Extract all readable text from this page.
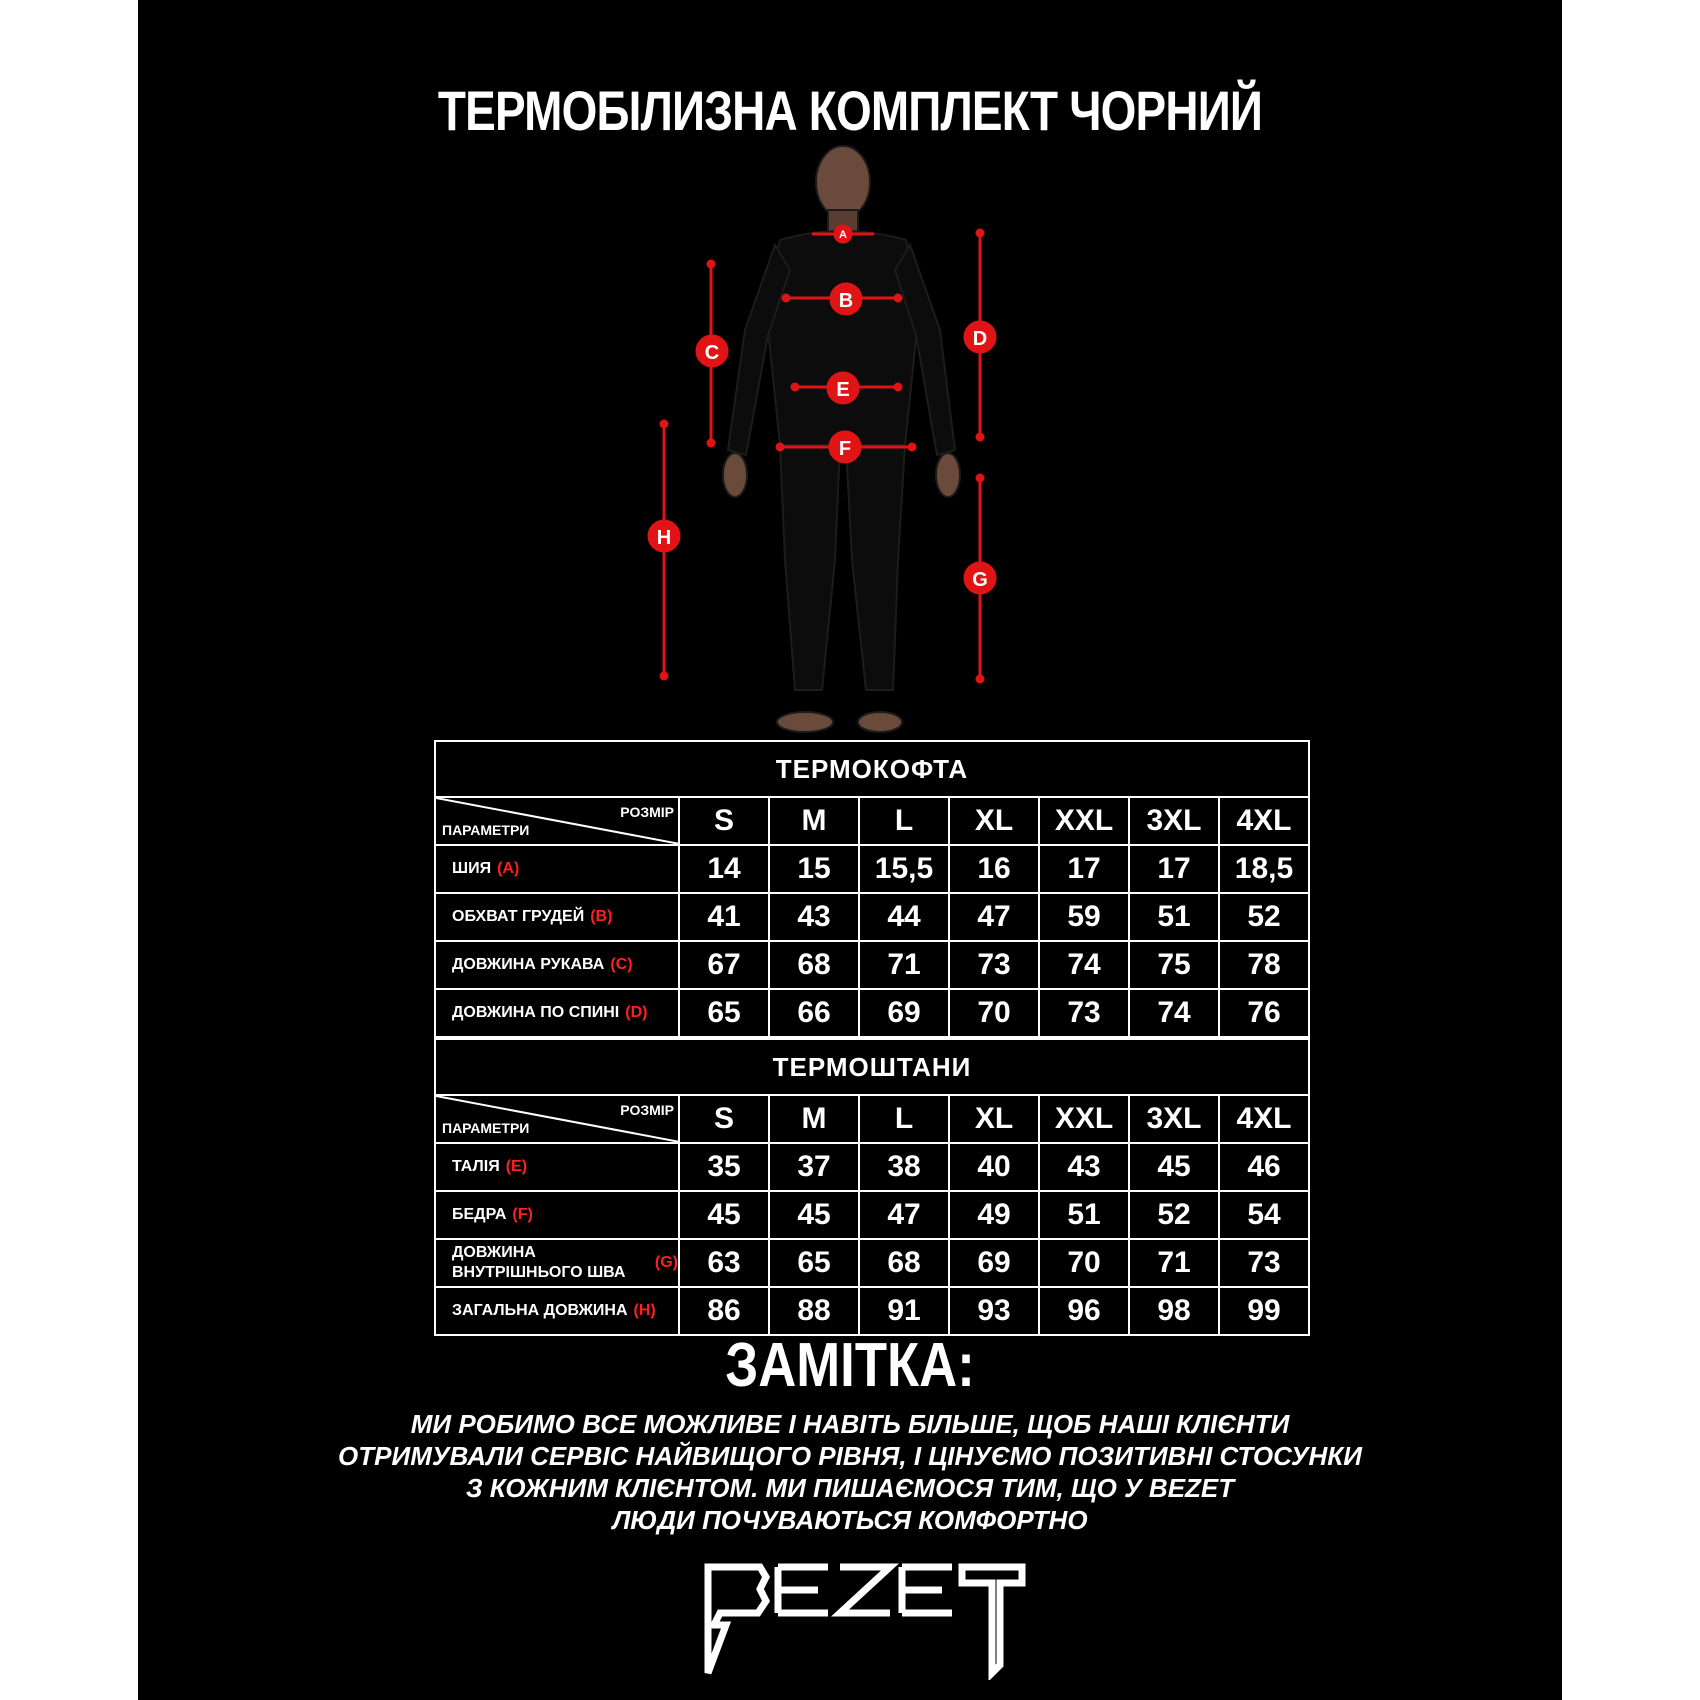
ТЕРМОБІЛИЗНА КОМПЛЕКТ ЧОРНИЙ
A
B
C
D
E
F
G
H
ТЕРМОКОФТА
РОЗМІР
ПАРАМЕТРИ	S	M	L	XL	XXL	3XL	4XL
ШИЯ (A)	14	15	15,5	16	17	17	18,5
ОБХВАТ ГРУДЕЙ (B)	41	43	44	47	59	51	52
ДОВЖИНА РУКАВА (C)	67	68	71	73	74	75	78
ДОВЖИНА ПО СПИНІ (D)	65	66	69	70	73	74	76
ТЕРМОШТАНИ
РОЗМІР
ПАРАМЕТРИ	S	M	L	XL	XXL	3XL	4XL
ТАЛІЯ (E)	35	37	38	40	43	45	46
БЕДРА (F)	45	45	47	49	51	52	54
ДОВЖИНА ВНУТРІШНЬОГО ШВА
(G) 63	65	68	69	70	71	73
ЗАГАЛЬНА ДОВЖИНА (H)	86	88	91	93	96	98	99
ЗАМІТКА:
МИ РОБИМО ВСЕ МОЖЛИВЕ І НАВІТЬ БІЛЬШЕ, ЩОБ НАШІ КЛІЄНТИ
ОТРИМУВАЛИ СЕРВІС НАЙВИЩОГО РІВНЯ, І ЦІНУЄМО ПОЗИТИВНІ СТОСУНКИ
З КОЖНИМ КЛІЄНТОМ. МИ ПИШАЄМОСЯ ТИМ, ЩО У BEZET
ЛЮДИ ПОЧУВАЮТЬСЯ КОМФОРТНО
